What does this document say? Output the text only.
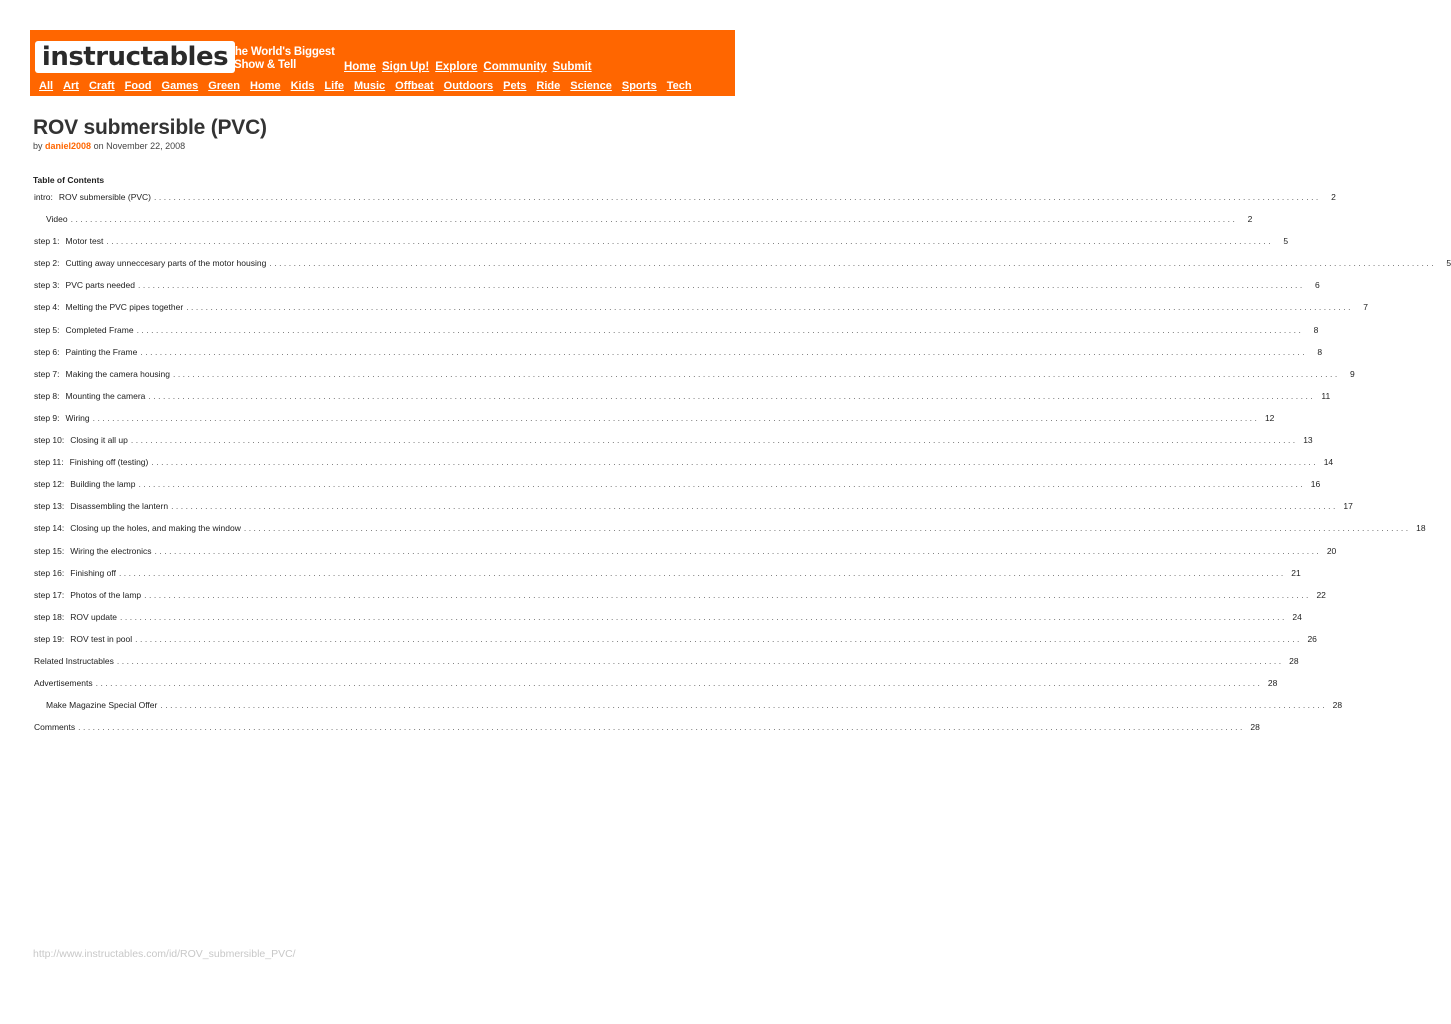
instructables The World's Biggest
Show & Tell	Home Sign Up! Explore Community Submit
All Art Craft Food Games Green Home Kids Life Music Offbeat Outdoors Pets Ride Science Sports Tech
ROV submersible (PVC)
by daniel2008 on November 22, 2008
Table of Contents
intro: ROV submersible (PVC) ................................................................................................................................................................................................................................................	2
Video ................................................................................................................................................................................................................................................	2
step 1: Motor test ................................................................................................................................................................................................................................................	5
step 2: Cutting away unneccesary parts of the motor housing ................................................................................................................................................................................................................................................	5
step 3: PVC parts needed ................................................................................................................................................................................................................................................	6
step 4: Melting the PVC pipes together ................................................................................................................................................................................................................................................	7
step 5: Completed Frame ................................................................................................................................................................................................................................................	8
step 6: Painting the Frame ................................................................................................................................................................................................................................................	8
step 7: Making the camera housing ................................................................................................................................................................................................................................................	9
step 8: Mounting the camera ................................................................................................................................................................................................................................................ 11
step 9: Wiring ................................................................................................................................................................................................................................................ 12
step 10: Closing it all up ................................................................................................................................................................................................................................................ 13
step 11: Finishing off (testing) ................................................................................................................................................................................................................................................ 14
step 12: Building the lamp ................................................................................................................................................................................................................................................ 16
step 13: Disassembling the lantern ................................................................................................................................................................................................................................................ 17
step 14: Closing up the holes, and making the window ................................................................................................................................................................................................................................................ 18
step 15: Wiring the electronics ................................................................................................................................................................................................................................................ 20
step 16: Finishing off ................................................................................................................................................................................................................................................ 21
step 17: Photos of the lamp ................................................................................................................................................................................................................................................ 22
step 18: ROV update ................................................................................................................................................................................................................................................ 24
step 19: ROV test in pool ................................................................................................................................................................................................................................................ 26
Related Instructables ................................................................................................................................................................................................................................................ 28
Advertisements ................................................................................................................................................................................................................................................ 28
Make Magazine Special Offer ................................................................................................................................................................................................................................................ 28
Comments ................................................................................................................................................................................................................................................ 28
http://www.instructables.com/id/ROV_submersible_PVC/
